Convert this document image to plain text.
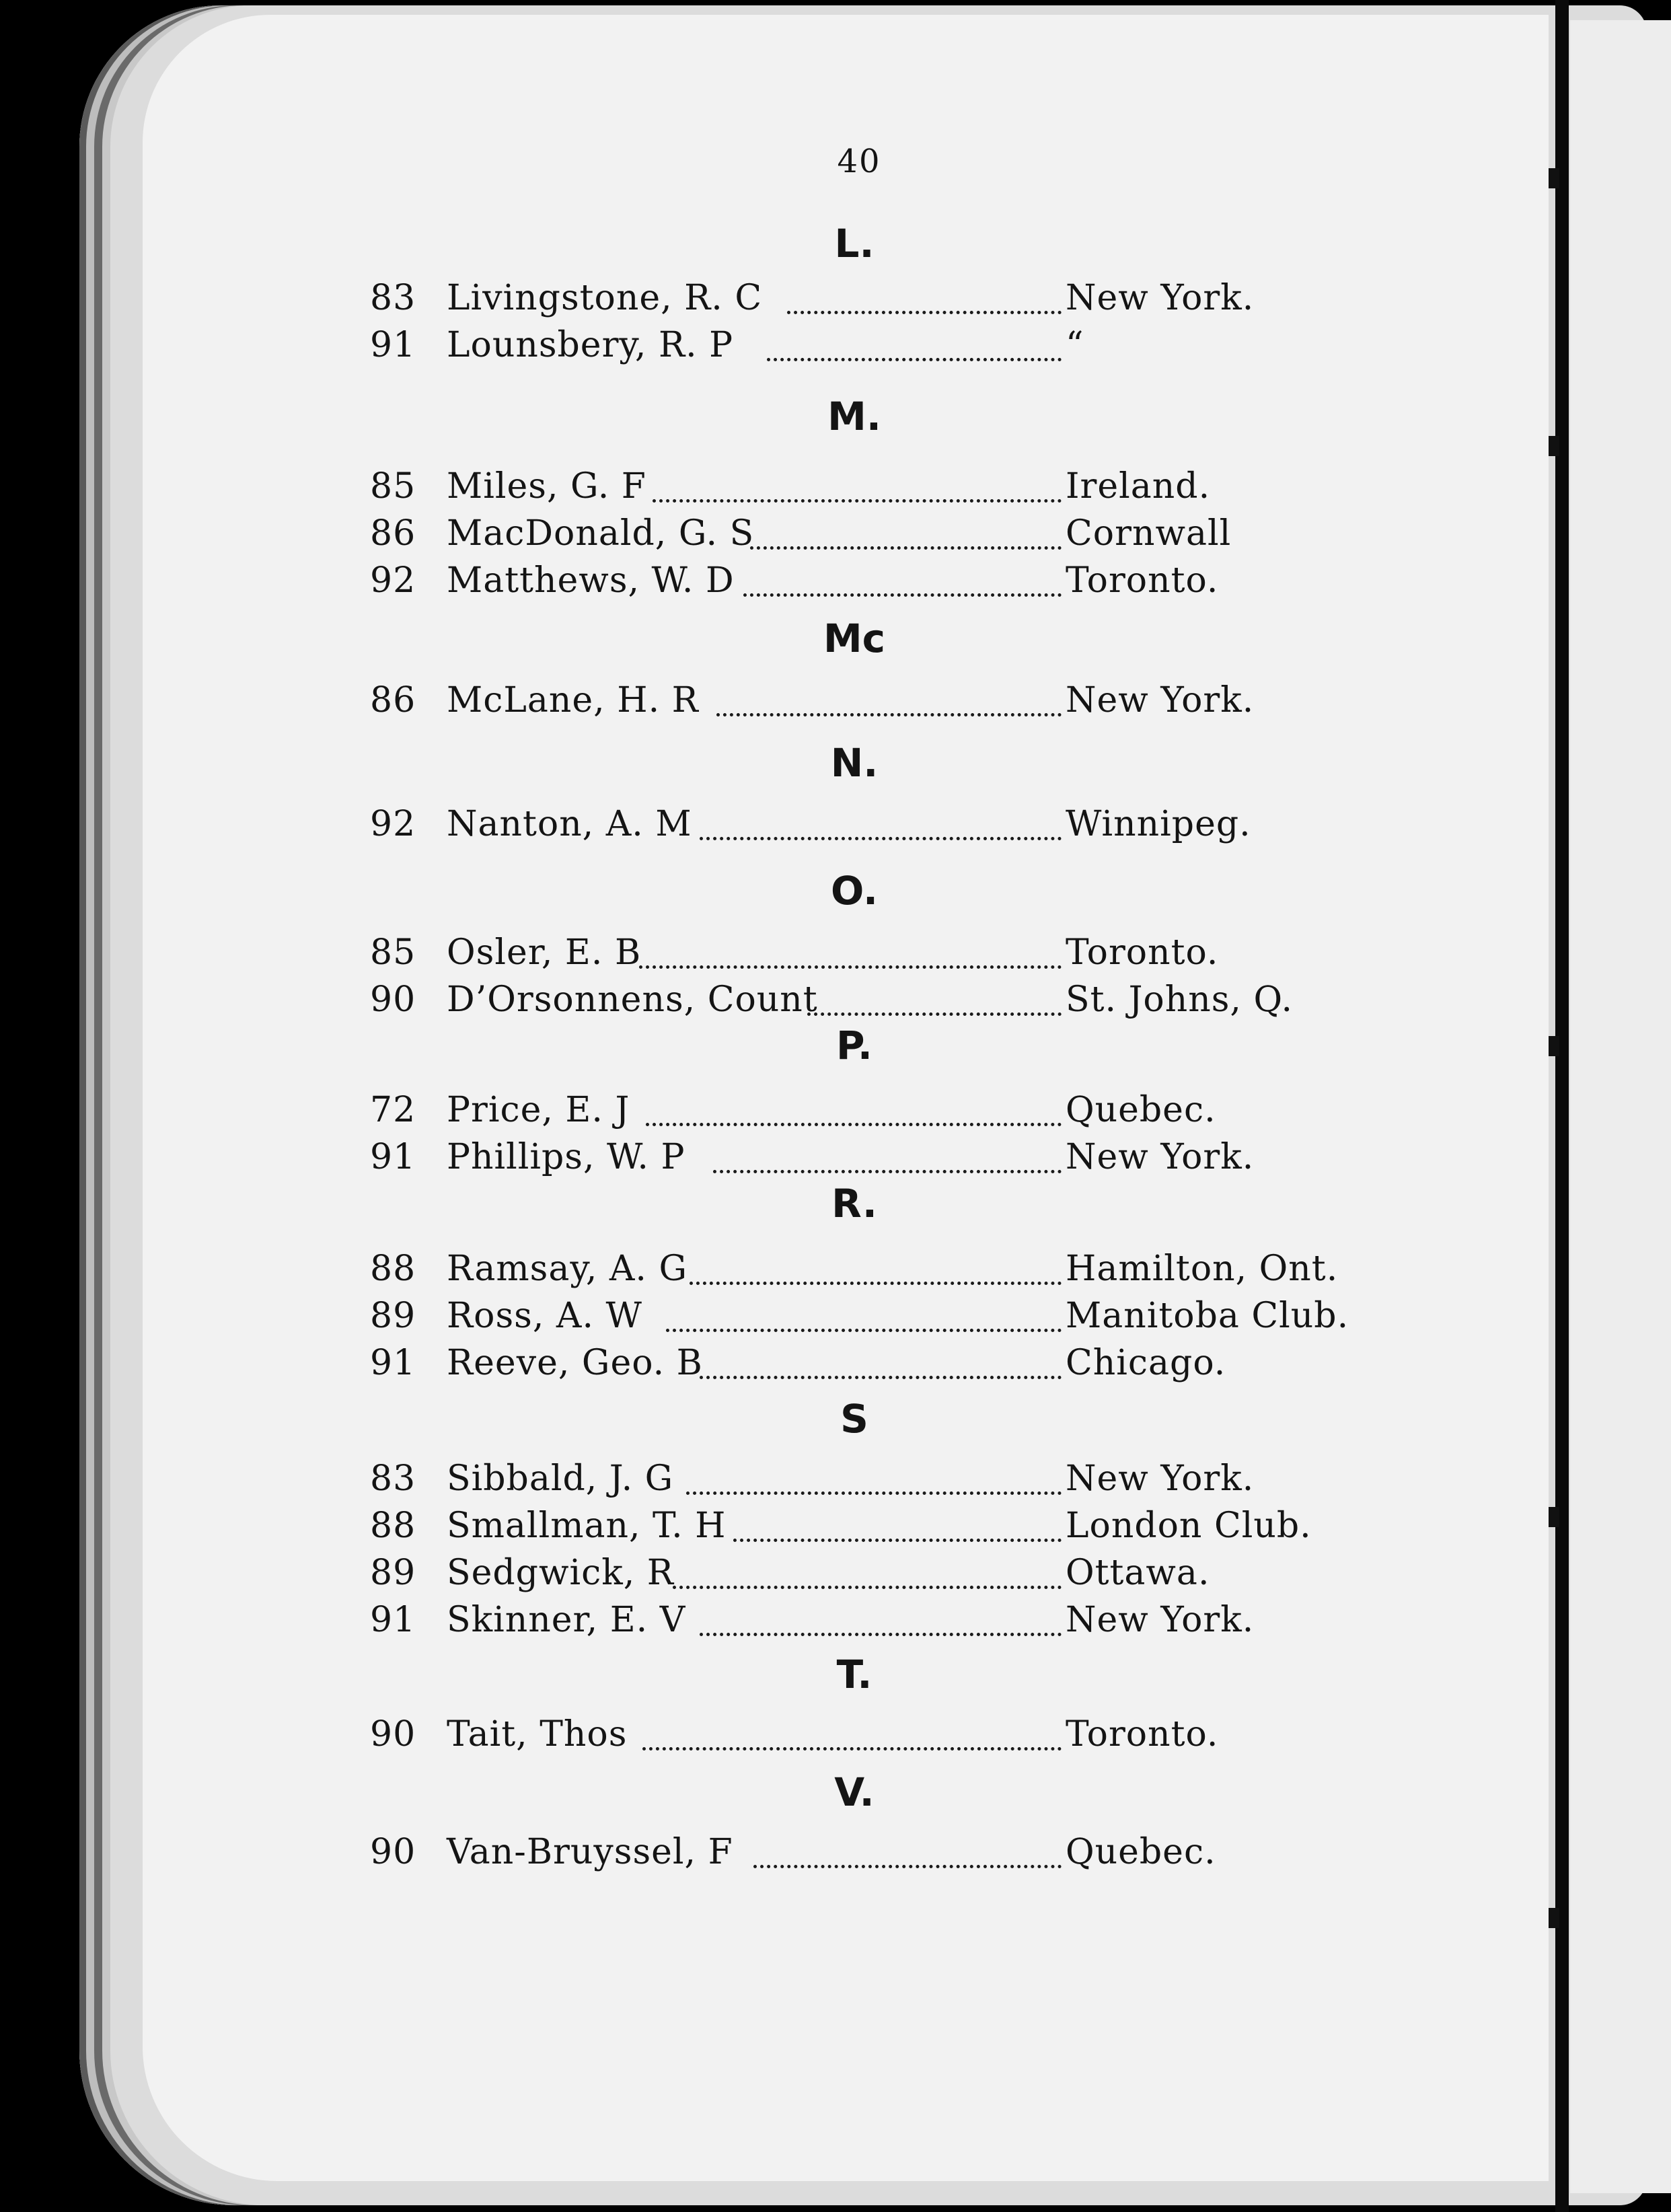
40
L.
83 Livingstone, R. C	New York.
91 Lounsbery, R. P	“
M.
85 Miles, G. F	Ireland.
86 MacDonald, G. S	Cornwall
92 Matthews, W. D	Toronto.
Mc
86 McLane, H. R	New York.
N.
92 Nanton, A. M	Winnipeg.
O.
85 Osler, E. B	Toronto.
90 D’Orsonnens, Count	St. Johns, Q.
P.
72 Price, E. J	Quebec.
91 Phillips, W. P	New York.
R.
88 Ramsay, A. G	Hamilton, Ont.
89 Ross, A. W	Manitoba Club.
91 Reeve, Geo. B	Chicago.
S
83 Sibbald, J. G	New York.
88 Smallman, T. H	London Club.
89 Sedgwick, R	Ottawa.
91 Skinner, E. V	New York.
T.
90 Tait, Thos	Toronto.
V.
90 Van-Bruyssel, F	Quebec.
